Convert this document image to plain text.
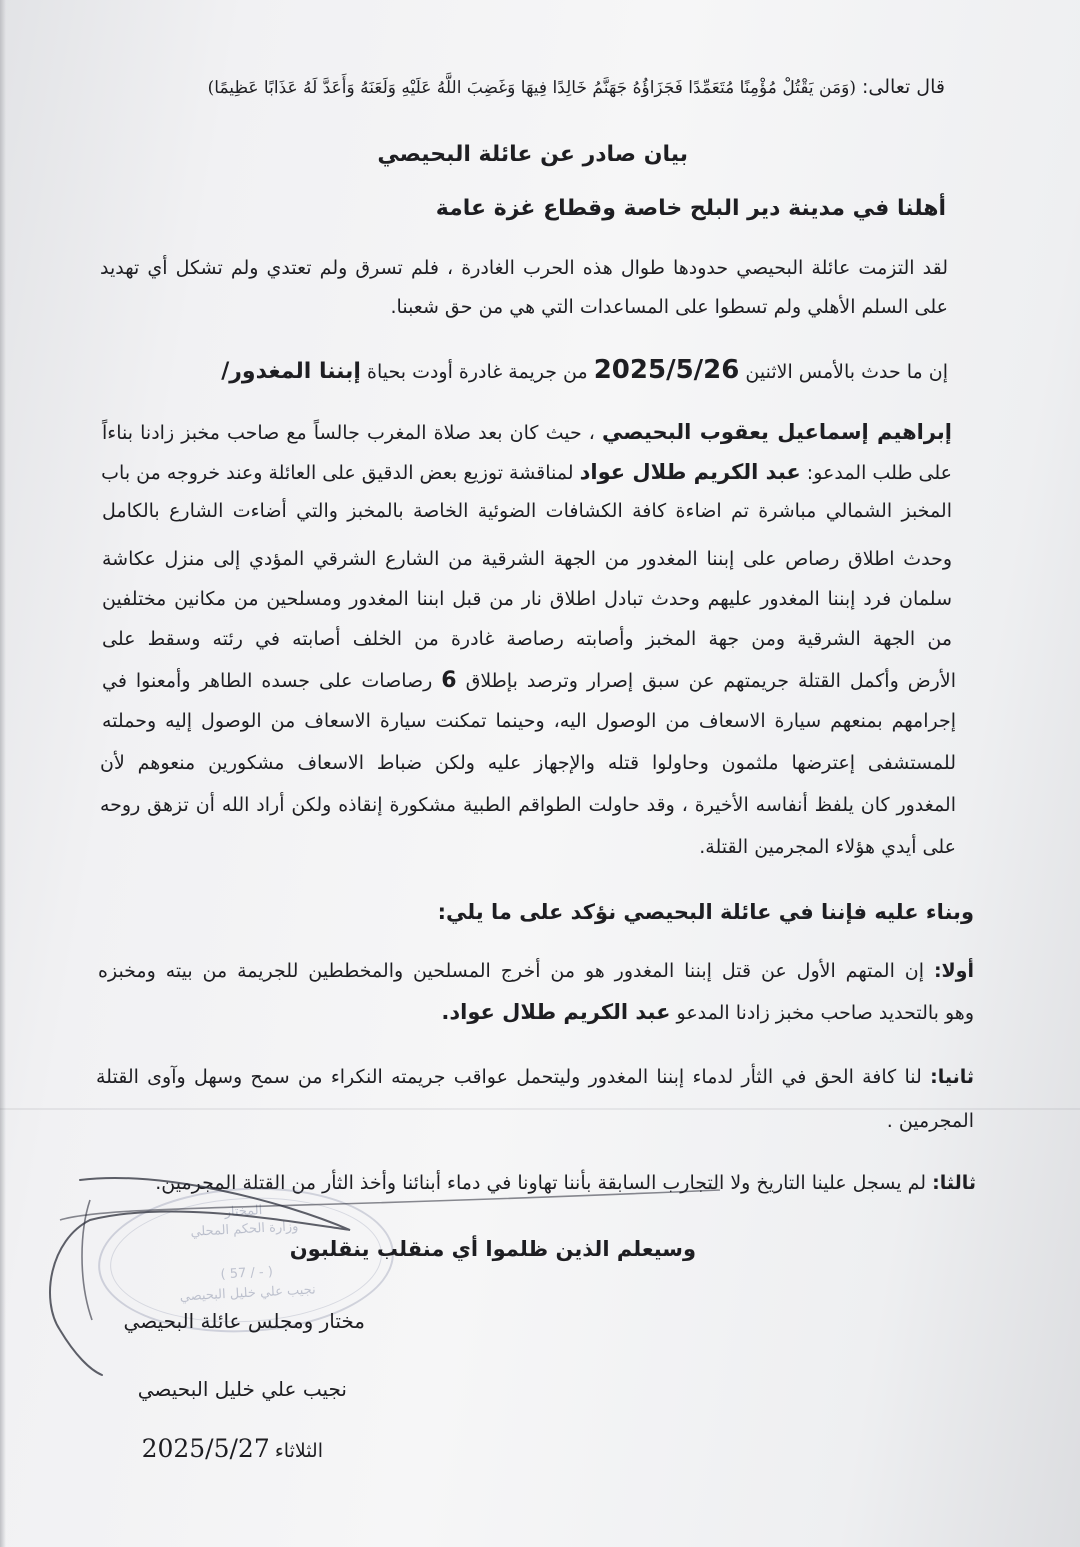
قال تعالى: (وَمَن يَقْتُلْ مُؤْمِنًا مُتَعَمِّدًا فَجَزَاؤُهُ جَهَنَّمُ خَالِدًا فِيهَا وَغَضِبَ اللَّهُ عَلَيْهِ وَلَعَنَهُ وَأَعَدَّ لَهُ عَذَابًا عَظِيمًا)
بيان صادر عن عائلة البحيصي
أهلنا في مدينة دير البلح خاصة وقطاع غزة عامة
لقد التزمت عائلة البحيصي حدودها طوال هذه الحرب الغادرة ، فلم تسرق ولم تعتدي ولم تشكل أي تهديد
على السلم الأهلي ولم تسطوا على المساعدات التي هي من حق شعبنا.
إن ما حدث بالأمس الاثنين 2025/5/26 من جريمة غادرة أودت بحياة إبننا المغدور/
إبراهيم إسماعيل يعقوب البحيصي ، حيث كان بعد صلاة المغرب جالساً مع صاحب مخبز زادنا بناءاً
على طلب المدعو: عبد الكريم طلال عواد لمناقشة توزيع بعض الدقيق على العائلة وعند خروجه من باب
المخبز الشمالي مباشرة تم اضاءة كافة الكشافات الضوئية الخاصة بالمخبز والتي أضاءت الشارع بالكامل
وحدث اطلاق رصاص على إبننا المغدور من الجهة الشرقية من الشارع الشرقي المؤدي إلى منزل عكاشة
سلمان فرد إبننا المغدور عليهم وحدث تبادل اطلاق نار من قبل ابننا المغدور ومسلحين من مكانين مختلفين
من الجهة الشرقية ومن جهة المخبز وأصابته رصاصة غادرة من الخلف أصابته في رئته وسقط على
الأرض وأكمل القتلة جريمتهم عن سبق إصرار وترصد بإطلاق 6 رصاصات على جسده الطاهر وأمعنوا في
إجرامهم بمنعهم سيارة الاسعاف من الوصول اليه، وحينما تمكنت سيارة الاسعاف من الوصول إليه وحملته
للمستشفى إعترضها ملثمون وحاولوا قتله والإجهاز عليه ولكن ضباط الاسعاف مشكورين منعوهم لأن
المغدور كان يلفظ أنفاسه الأخيرة ، وقد حاولت الطواقم الطبية مشكورة إنقاذه ولكن أراد الله أن تزهق روحه
على أيدي هؤلاء المجرمين القتلة.
وبناء عليه فإننا في عائلة البحيصي نؤكد على ما يلي:
أولا: إن المتهم الأول عن قتل إبننا المغدور هو من أخرج المسلحين والمخططين للجريمة من بيته ومخبزه
وهو بالتحديد صاحب مخبز زادنا المدعو عبد الكريم طلال عواد.
ثانيا: لنا كافة الحق في الثأر لدماء إبننا المغدور وليتحمل عواقب جريمته النكراء من سمح وسهل وآوى القتلة
المجرمين .
ثالثا: لم يسجل علينا التاريخ ولا التجارب السابقة بأننا تهاونا في دماء أبنائنا وأخذ الثأر من القتلة المجرمين.
المختار
وزارة الحكم المحلي
( - / 57 )
نجيب علي خليل البحيصي
وسيعلم الذين ظلموا أي منقلب ينقلبون
مختار ومجلس عائلة البحيصي
نجيب علي خليل البحيصي
الثلاثاء 2025/5/27
